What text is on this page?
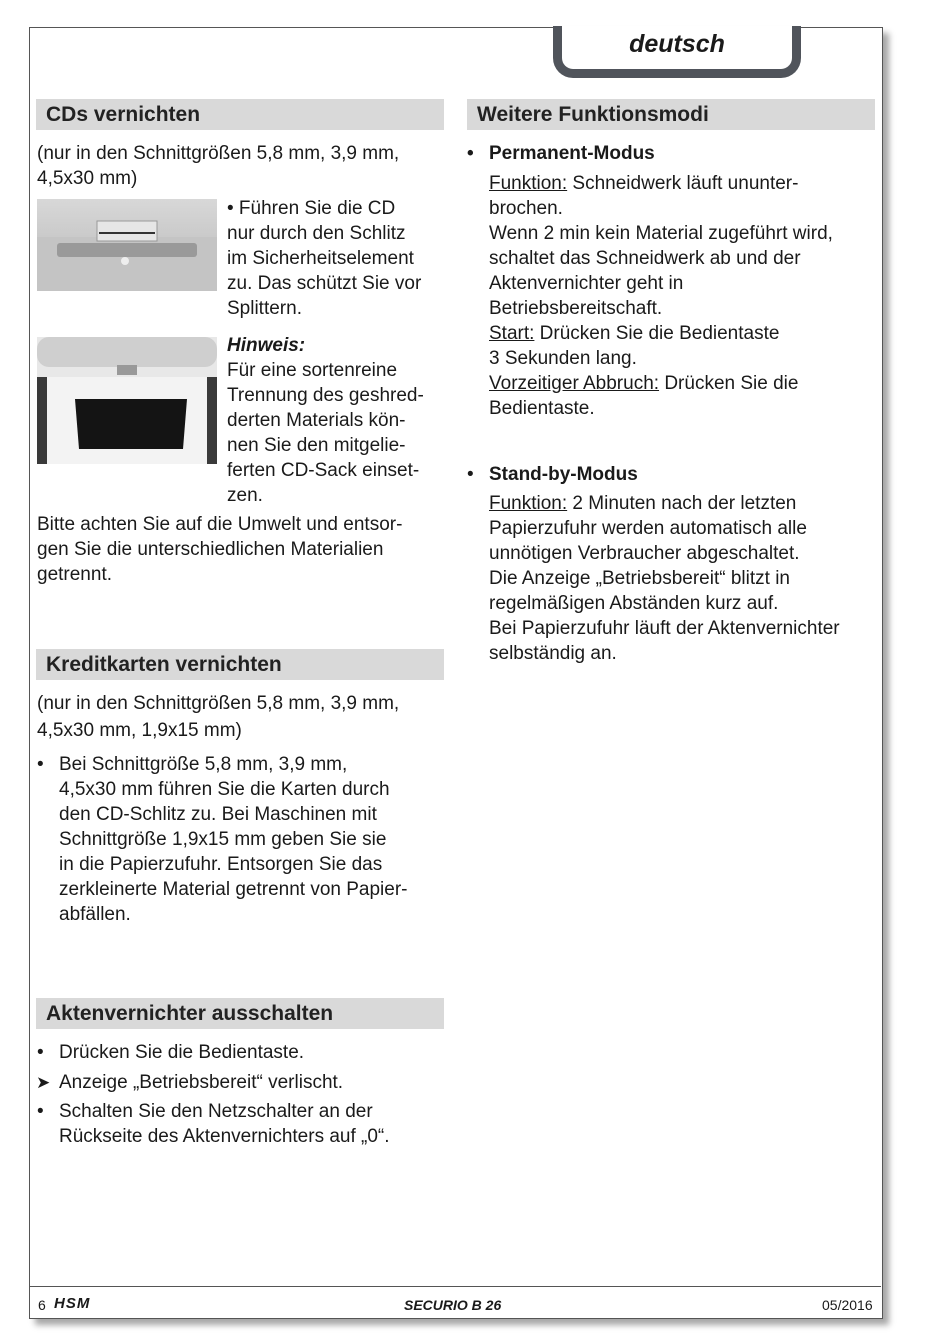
deutsch
CDs vernichten
(nur in den Schnittgrößen 5,8 mm, 3,9 mm,
4,5x30 mm)
• Führen Sie die CD
nur durch den Schlitz
im Sicherheitselement
zu. Das schützt Sie vor
Splittern.
Hinweis:
Für eine sortenreine
Trennung des geshred-
derten Materials kön-
nen Sie den mitgelie-
ferten CD-Sack einset-
zen.
Bitte achten Sie auf die Umwelt und entsor-
gen Sie die unterschiedlichen Materialien
getrennt.
Kreditkarten vernichten
(nur in den Schnittgrößen 5,8 mm, 3,9 mm,
4,5x30 mm, 1,9x15 mm)
• Bei Schnittgröße 5,8 mm, 3,9 mm,
4,5x30 mm führen Sie die Karten durch
den CD-Schlitz zu. Bei Maschinen mit
Schnittgröße 1,9x15 mm geben Sie sie
in die Papierzufuhr. Entsorgen Sie das
zerkleinerte Material getrennt von Papier-
abfällen.
Aktenvernichter ausschalten
• Drücken Sie die Bedientaste.
➤ Anzeige „Betriebsbereit“ verlischt.
• Schalten Sie den Netzschalter an der
Rückseite des Aktenvernichters auf „0“.
Weitere Funktionsmodi
• Permanent-Modus
Funktion: Schneidwerk läuft ununter-
brochen.
Wenn 2 min kein Material zugeführt wird,
schaltet das Schneidwerk ab und der
Aktenvernichter geht in
Betriebsbereitschaft.
Start: Drücken Sie die Bedientaste
3 Sekunden lang.
Vorzeitiger Abbruch: Drücken Sie die
Bedientaste.
• Stand-by-Modus
Funktion: 2 Minuten nach der letzten
Papierzufuhr werden automatisch alle
unnötigen Verbraucher abgeschaltet.
Die Anzeige „Betriebsbereit“ blitzt in
regelmäßigen Abständen kurz auf.
Bei Papierzufuhr läuft der Aktenvernichter
selbständig an.
6 HSM	SECURIO B 26	05/2016
